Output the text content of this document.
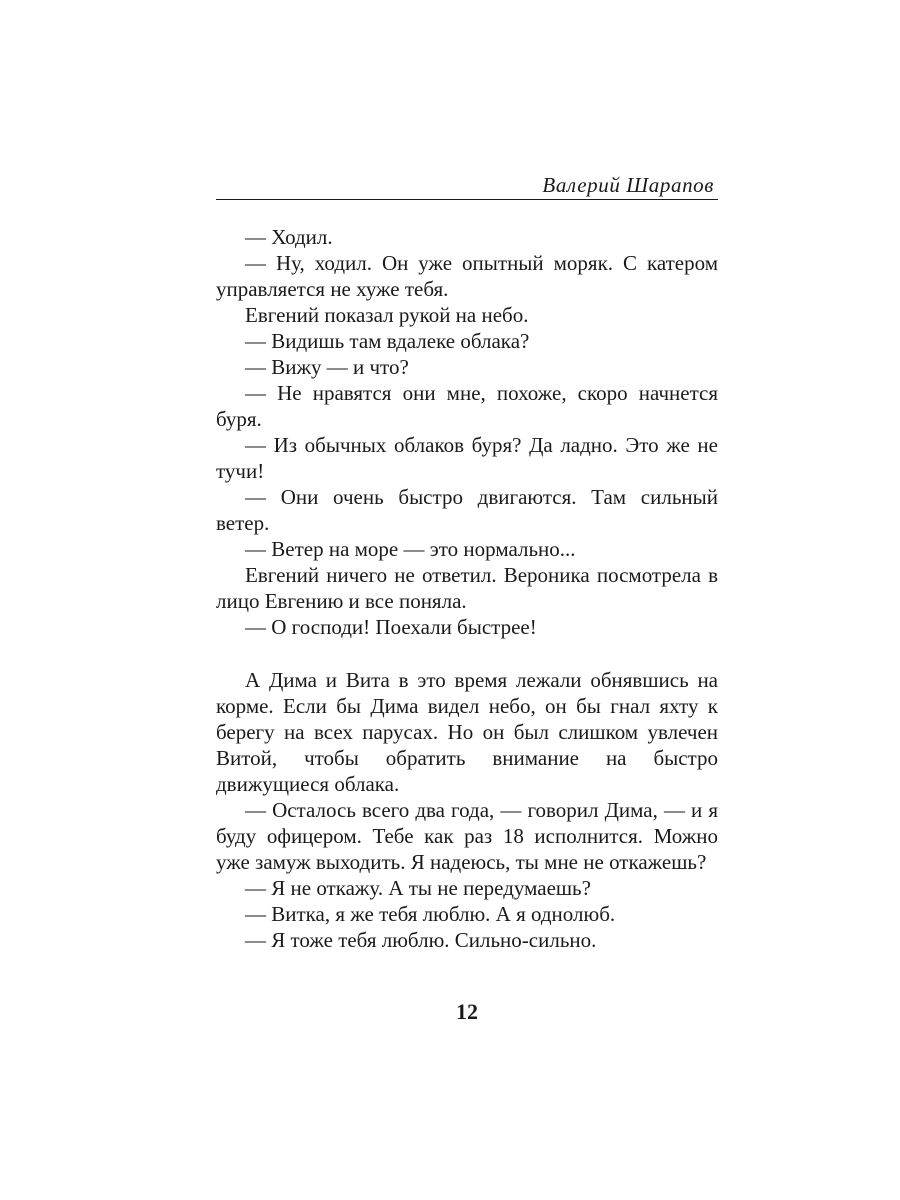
Валерий Шарапов

— Ходил.

— Ну, ходил. Он уже опытный моряк. С катером управляется не хуже тебя.

Евгений показал рукой на небо.

— Видишь там вдалеке облака?

— Вижу — и что?

— Не нравятся они мне, похоже, скоро начнется буря.

— Из обычных облаков буря? Да ладно. Это же не тучи!

— Они очень быстро двигаются. Там сильный ветер.

— Ветер на море — это нормально...

Евгений ничего не ответил. Вероника посмотрела в лицо Евгению и все поняла.

— О господи! Поехали быстрее!

А Дима и Вита в это время лежали обнявшись на корме. Если бы Дима видел небо, он бы гнал яхту к берегу на всех парусах. Но он был слишком увлечен Витой, чтобы обратить внимание на быстро движущиеся облака.

— Осталось всего два года, — говорил Дима, — и я буду офицером. Тебе как раз 18 исполнится. Можно уже замуж выходить. Я надеюсь, ты мне не откажешь?

— Я не откажу. А ты не передумаешь?

— Витка, я же тебя люблю. А я однолюб.

— Я тоже тебя люблю. Сильно-сильно.

12
